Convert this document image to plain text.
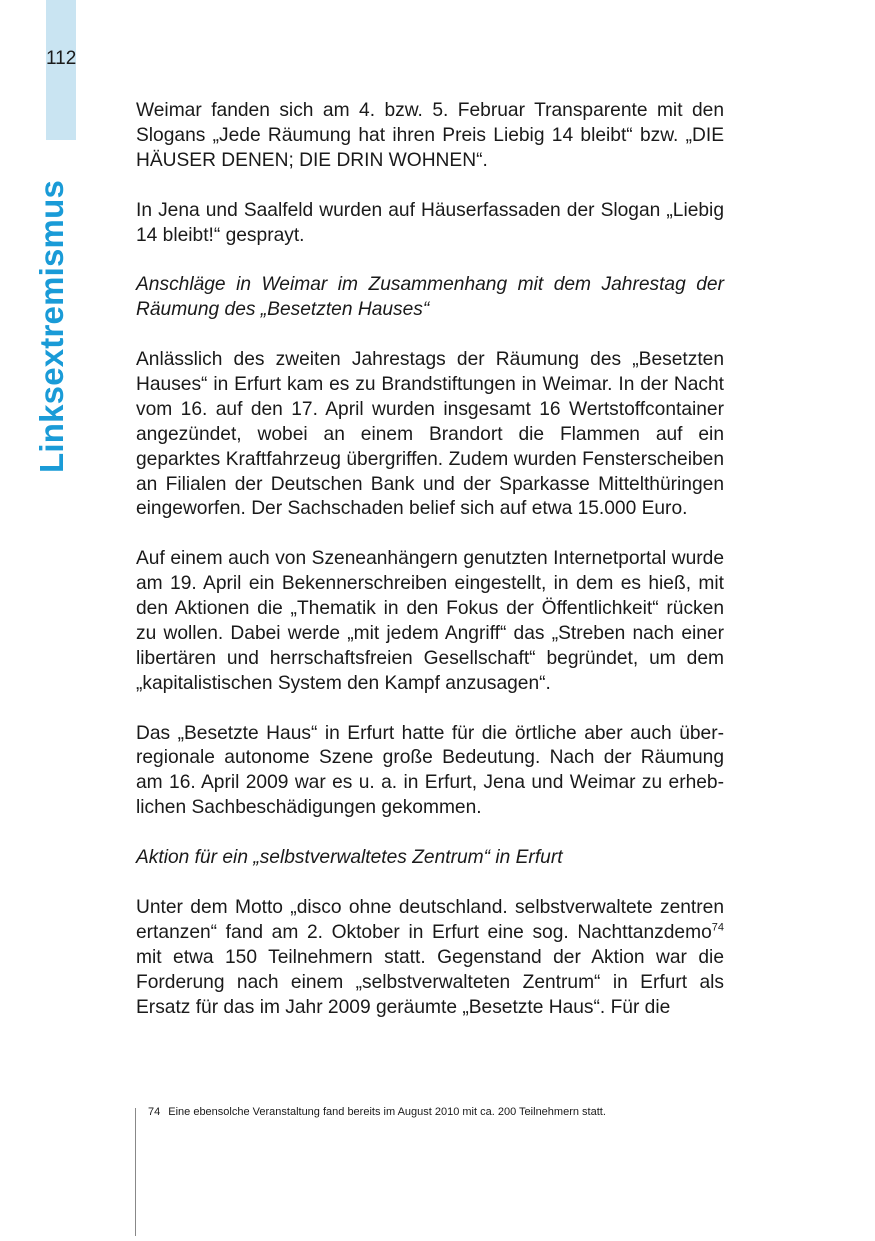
112
Linksextremismus

Weimar fanden sich am 4. bzw. 5. Februar Transparente mit den Slogans „Jede Räumung hat ihren Preis Liebig 14 bleibt“ bzw. „DIE HÄUSER DENEN; DIE DRIN WOHNEN“.

In Jena und Saalfeld wurden auf Häuserfassaden der Slogan „Liebig 14 bleibt!“ gesprayt.

Anschläge in Weimar im Zusammenhang mit dem Jahrestag der Räumung des „Besetzten Hauses“

Anlässlich des zweiten Jahrestags der Räumung des „Besetzten Hauses“ in Erfurt kam es zu Brandstiftungen in Weimar. In der Nacht vom 16. auf den 17. April wurden insgesamt 16 Wertstoffcontainer angezündet, wobei an einem Brandort die Flammen auf ein geparktes Kraftfahrzeug übergriffen. Zudem wurden Fensterscheiben an Filialen der Deutschen Bank und der Sparkasse Mittelthüringen eingeworfen. Der Sachschaden belief sich auf etwa 15.000 Euro.

Auf einem auch von Szeneanhängern genutzten Internetportal wurde am 19. April ein Bekennerschreiben eingestellt, in dem es hieß, mit den Aktionen die „Thematik in den Fokus der Öffentlichkeit“ rücken zu wollen. Dabei werde „mit jedem Angriff“ das „Streben nach einer libertären und herrschaftsfreien Gesellschaft“ begründet, um dem „kapitalistischen System den Kampf anzusagen“.

Das „Besetzte Haus“ in Erfurt hatte für die örtliche aber auch überregionale autonome Szene große Bedeutung. Nach der Räumung am 16. April 2009 war es u. a. in Erfurt, Jena und Weimar zu erheblichen Sachbeschädigungen gekommen.

Aktion für ein „selbstverwaltetes Zentrum“ in Erfurt

Unter dem Motto „disco ohne deutschland. selbstverwaltete zentren ertanzen“ fand am 2. Oktober in Erfurt eine sog. Nachttanzdemo$^{74}$ mit etwa 150 Teilnehmern statt. Gegenstand der Aktion war die Forderung nach einem „selbstverwalteten Zentrum“ in Erfurt als Ersatz für das im Jahr 2009 geräumte „Besetzte Haus“. Für die

74 Eine ebensolche Veranstaltung fand bereits im August 2010 mit ca. 200 Teilnehmern statt.
